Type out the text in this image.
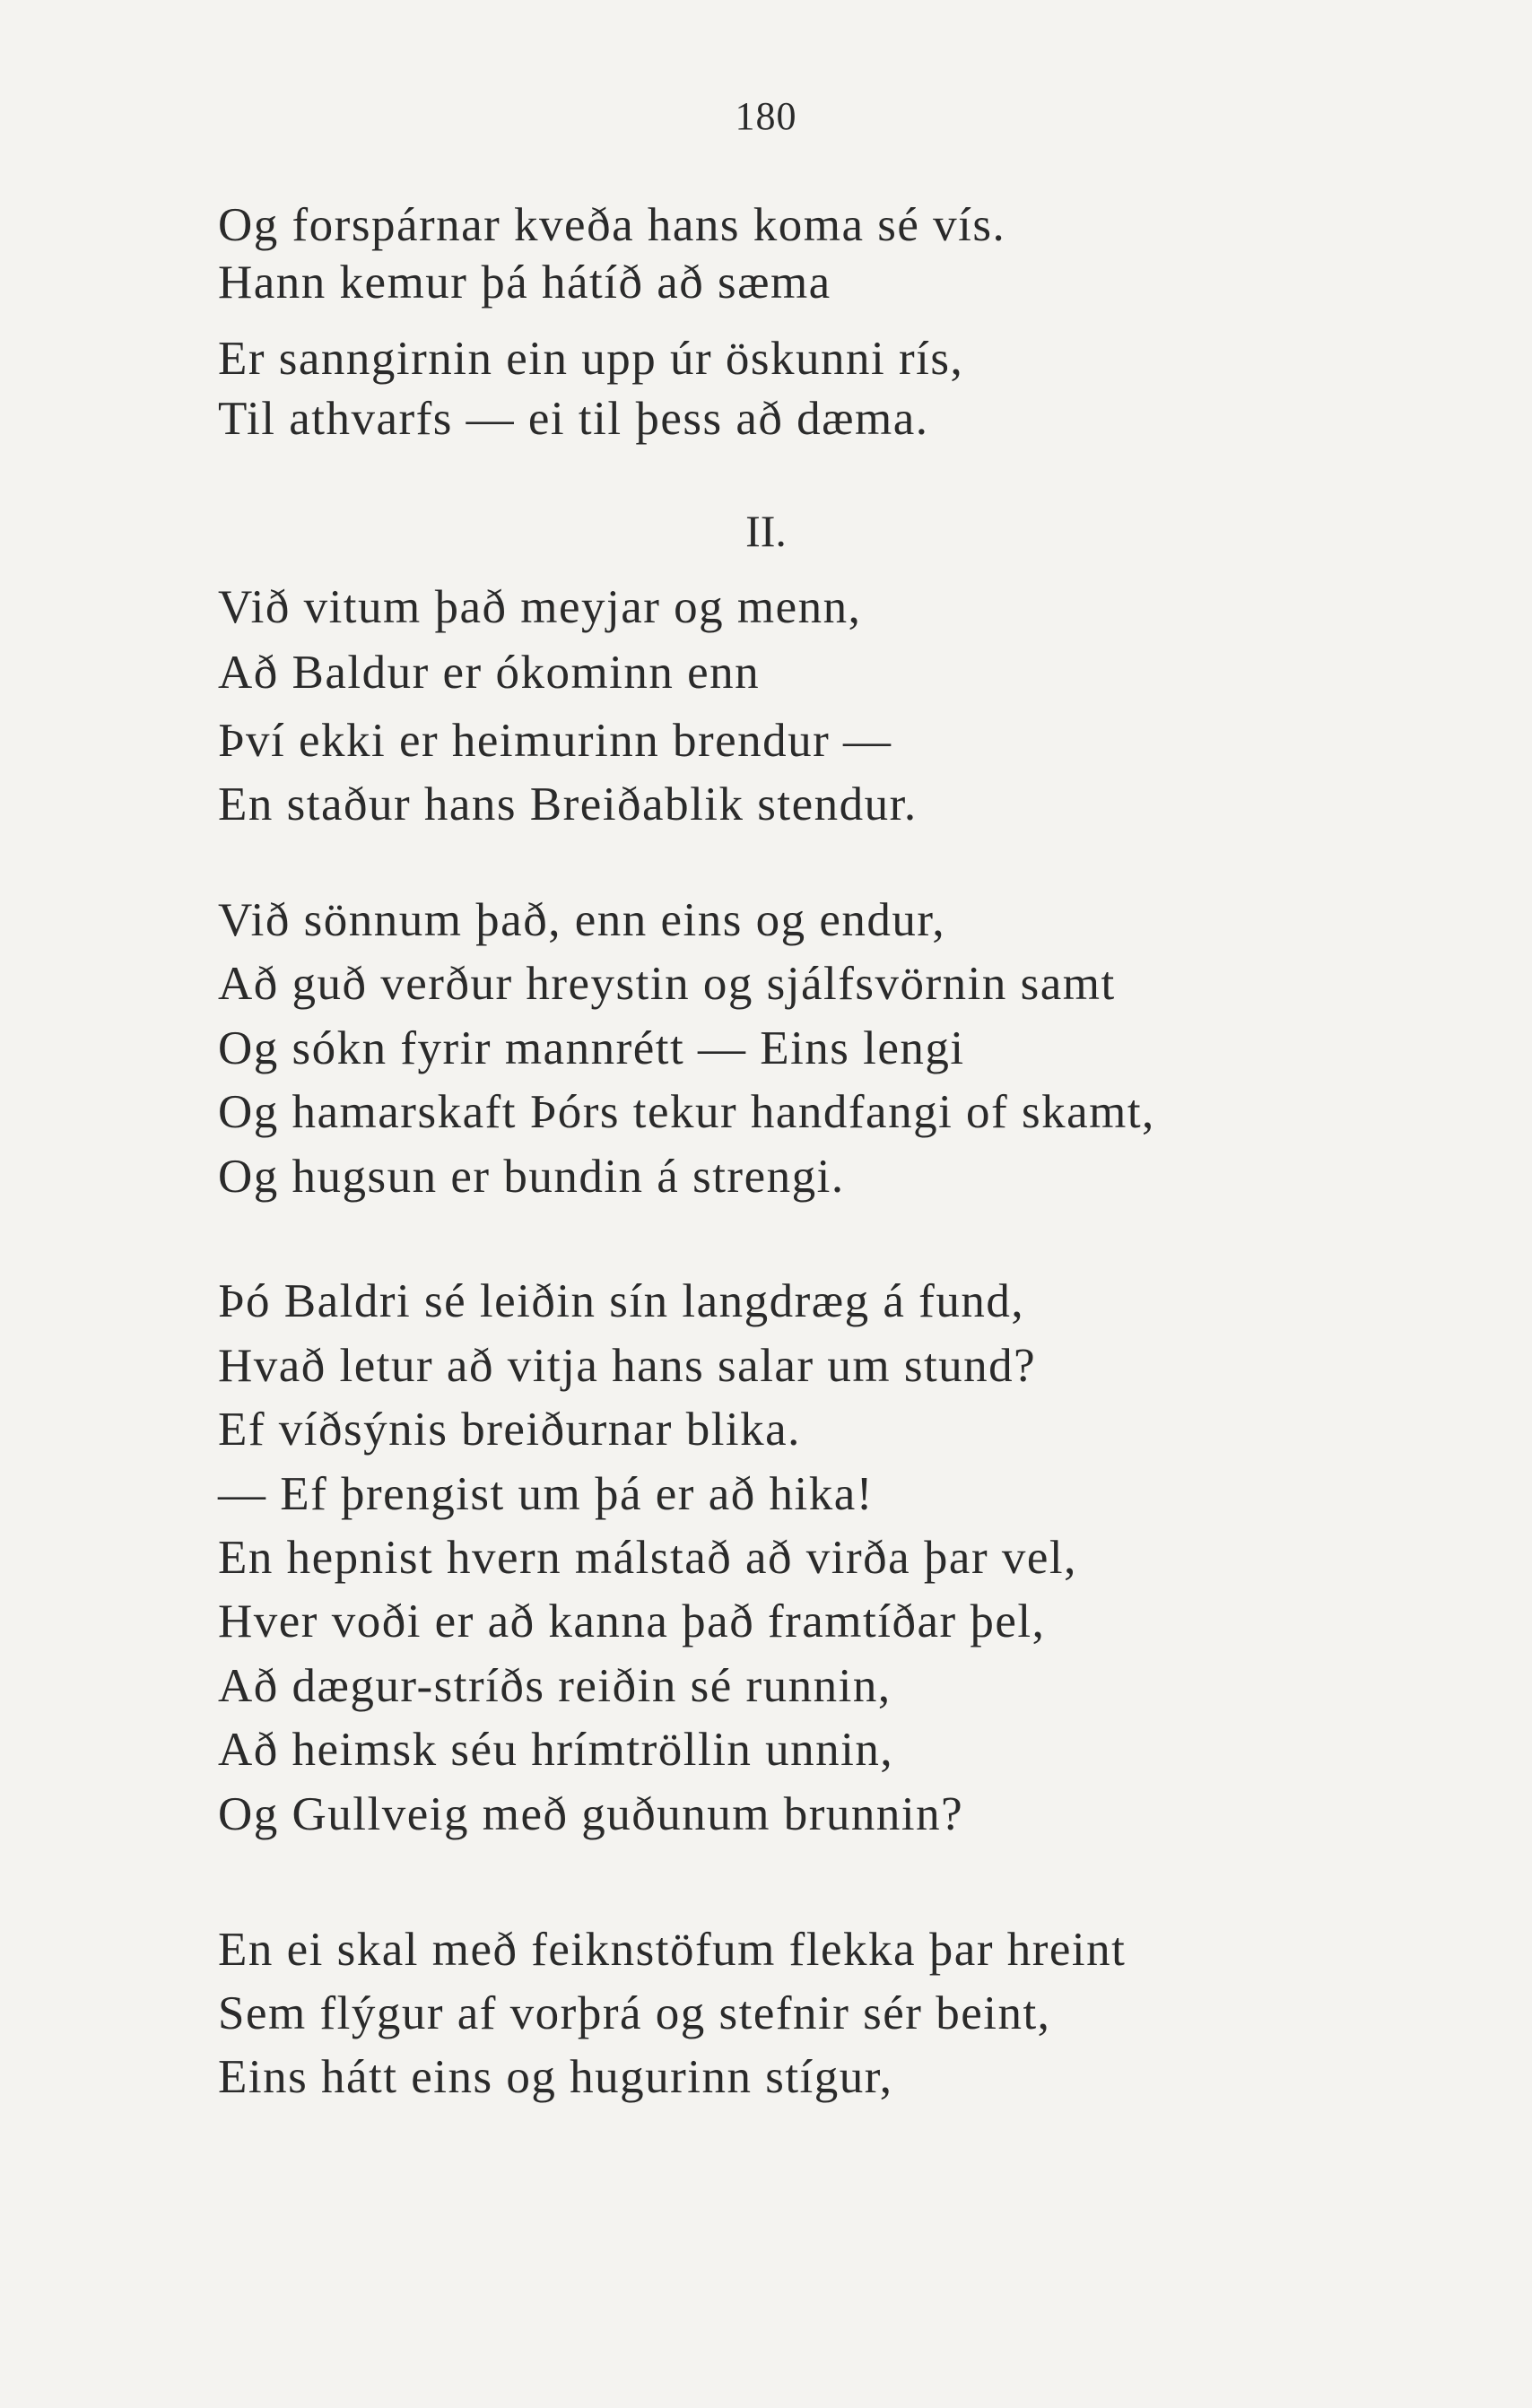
180
Og forspárnar kveða hans koma sé vís.
Hann kemur þá hátíð að sæma
Er sanngirnin ein upp úr öskunni rís,
Til athvarfs — ei til þess að dæma.
II.
Við vitum það meyjar og menn,
Að Baldur er ókominn enn
Því ekki er heimurinn brendur —
En staður hans Breiðablik stendur.
Við sönnum það, enn eins og endur,
Að guð verður hreystin og sjálfsvörnin samt
Og sókn fyrir mannrétt — Eins lengi
Og hamarskaft Þórs tekur handfangi of skamt,
Og hugsun er bundin á strengi.
Þó Baldri sé leiðin sín langdræg á fund,
Hvað letur að vitja hans salar um stund?
Ef víðsýnis breiðurnar blika.
— Ef þrengist um þá er að hika!
En hepnist hvern málstað að virða þar vel,
Hver voði er að kanna það framtíðar þel,
Að dægur-stríðs reiðin sé runnin,
Að heimsk séu hrímtröllin unnin,
Og Gullveig með guðunum brunnin?
En ei skal með feiknstöfum flekka þar hreint
Sem flýgur af vorþrá og stefnir sér beint,
Eins hátt eins og hugurinn stígur,
